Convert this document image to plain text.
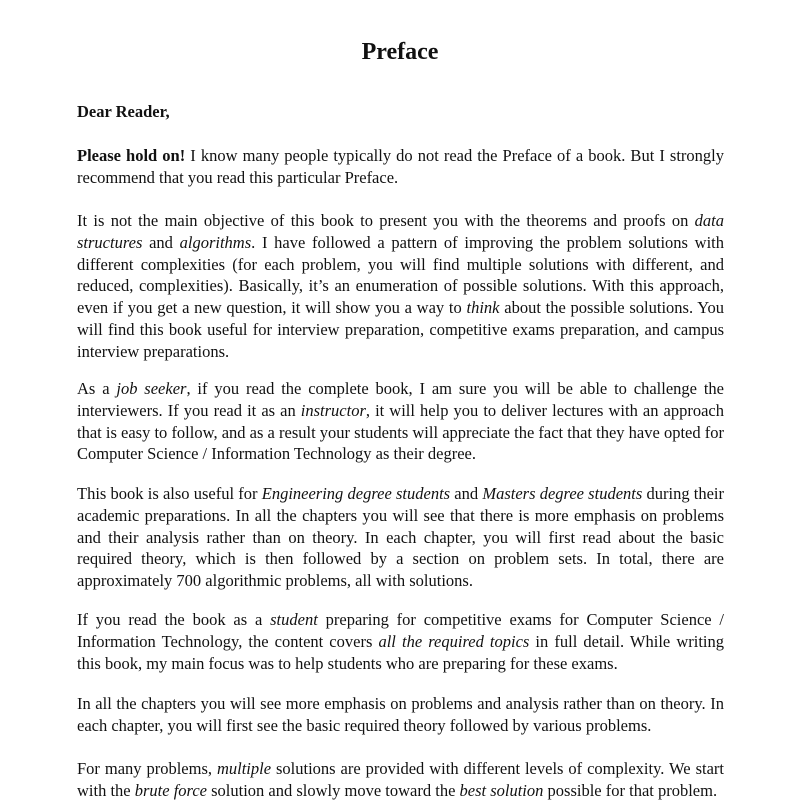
Preface
Dear Reader,

Please hold on! I know many people typically do not read the Preface of a book. But I strongly recommend that you read this particular Preface.

It is not the main objective of this book to present you with the theorems and proofs on data structures and algorithms. I have followed a pattern of improving the problem solutions with different complexities (for each problem, you will find multiple solutions with different, and reduced, complexities). Basically, it’s an enumeration of possible solutions. With this approach, even if you get a new question, it will show you a way to think about the possible solutions. You will find this book useful for interview preparation, competitive exams preparation, and campus interview preparations.

As a job seeker, if you read the complete book, I am sure you will be able to challenge the interviewers. If you read it as an instructor, it will help you to deliver lectures with an approach that is easy to follow, and as a result your students will appreciate the fact that they have opted for Computer Science / Information Technology as their degree.

This book is also useful for Engineering degree students and Masters degree students during their academic preparations. In all the chapters you will see that there is more emphasis on problems and their analysis rather than on theory. In each chapter, you will first read about the basic required theory, which is then followed by a section on problem sets. In total, there are approximately 700 algorithmic problems, all with solutions.

If you read the book as a student preparing for competitive exams for Computer Science / Information Technology, the content covers all the required topics in full detail. While writing this book, my main focus was to help students who are preparing for these exams.

In all the chapters you will see more emphasis on problems and analysis rather than on theory. In each chapter, you will first see the basic required theory followed by various problems.

For many problems, multiple solutions are provided with different levels of complexity. We start with the brute force solution and slowly move toward the best solution possible for that problem.
